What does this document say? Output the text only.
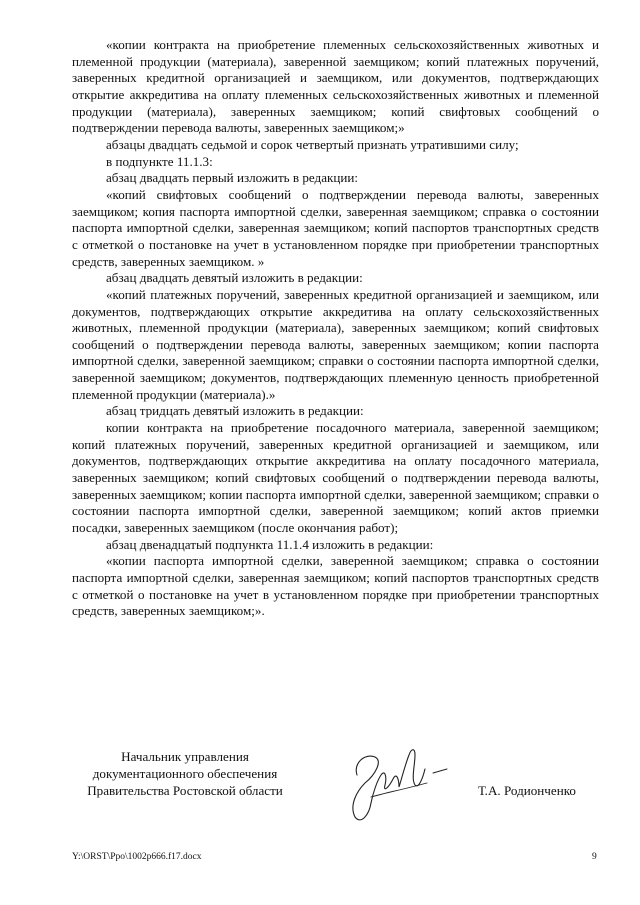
«копии контракта на приобретение племенных сельскохозяйственных животных и племенной продукции (материала), заверенной заемщиком; копий платежных поручений, заверенных кредитной организацией и заемщиком, или документов, подтверждающих открытие аккредитива на оплату племенных сельскохозяйственных животных и племенной продукции (материала), заверенных заемщиком; копий свифтовых сообщений о подтверждении перевода валюты, заверенных заемщиком;»

абзацы двадцать седьмой и сорок четвертый признать утратившими силу;

в подпункте 11.1.3:

абзац двадцать первый изложить в редакции:

«копий свифтовых сообщений о подтверждении перевода валюты, заверенных заемщиком; копия паспорта импортной сделки, заверенная заемщиком; справка о состоянии паспорта импортной сделки, заверенная заемщиком; копий паспортов транспортных средств с отметкой о постановке на учет в установленном порядке при приобретении транспортных средств, заверенных заемщиком. »

абзац двадцать девятый изложить в редакции:

«копий платежных поручений, заверенных кредитной организацией и заемщиком, или документов, подтверждающих открытие аккредитива на оплату сельскохозяйственных животных, племенной продукции (материала), заверенных заемщиком; копий свифтовых сообщений о подтверждении перевода валюты, заверенных заемщиком; копии паспорта импортной сделки, заверенной заемщиком; справки о состоянии паспорта импортной сделки, заверенной заемщиком; документов, подтверждающих племенную ценность приобретенной племенной продукции (материала).»

абзац тридцать девятый изложить в редакции:

копии контракта на приобретение посадочного материала, заверенной заемщиком; копий платежных поручений, заверенных кредитной организацией и заемщиком, или документов, подтверждающих открытие аккредитива на оплату посадочного материала, заверенных заемщиком; копий свифтовых сообщений о подтверждении перевода валюты, заверенных заемщиком; копии паспорта импортной сделки, заверенной заемщиком; справки о состоянии паспорта импортной сделки, заверенной заемщиком; копий актов приемки посадки, заверенных заемщиком (после окончания работ);

абзац двенадцатый подпункта 11.1.4 изложить в редакции:

«копии паспорта импортной сделки, заверенной заемщиком; справка о состоянии паспорта импортной сделки, заверенная заемщиком; копий паспортов транспортных средств с отметкой о постановке на учет в установленном порядке при приобретении транспортных средств, заверенных заемщиком;».

Начальник управления
документационного обеспечения
Правительства Ростовской области	Т.А. Родионченко
Y:\ORST\Ppo\1002p666.f17.docx	9
